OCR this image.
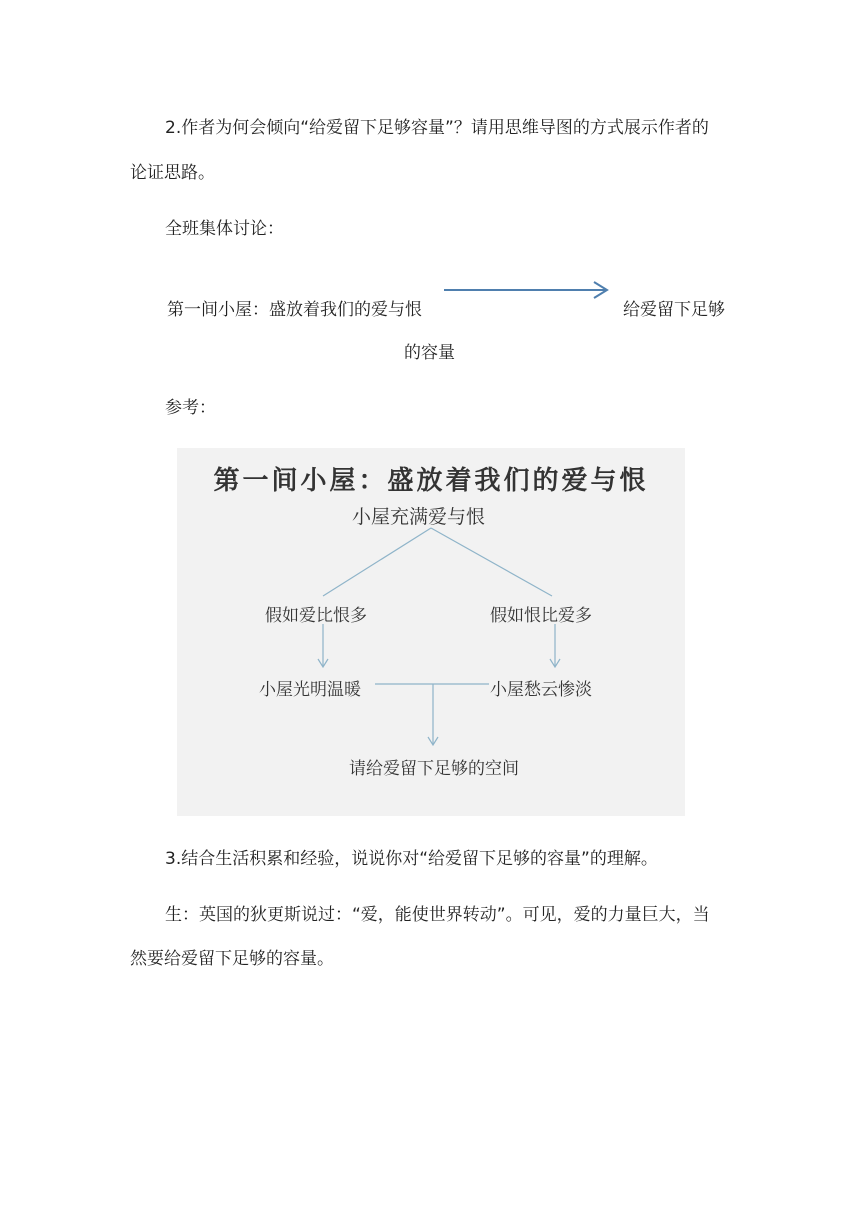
2.作者为何会倾向“给爱留下足够容量”？请用思维导图的方式展示作者的
论证思路。
全班集体讨论：
第一间小屋：盛放着我们的爱与恨	给爱留下足够
的容量
参考：
第一间小屋：盛放着我们的爱与恨
小屋充满爱与恨
假如爱比恨多	假如恨比爱多
小屋光明温暖	小屋愁云惨淡
请给爱留下足够的空间
3.结合生活积累和经验，说说你对“给爱留下足够的容量”的理解。
生：英国的狄更斯说过：“爱，能使世界转动”。可见，爱的力量巨大，当
然要给爱留下足够的容量。
